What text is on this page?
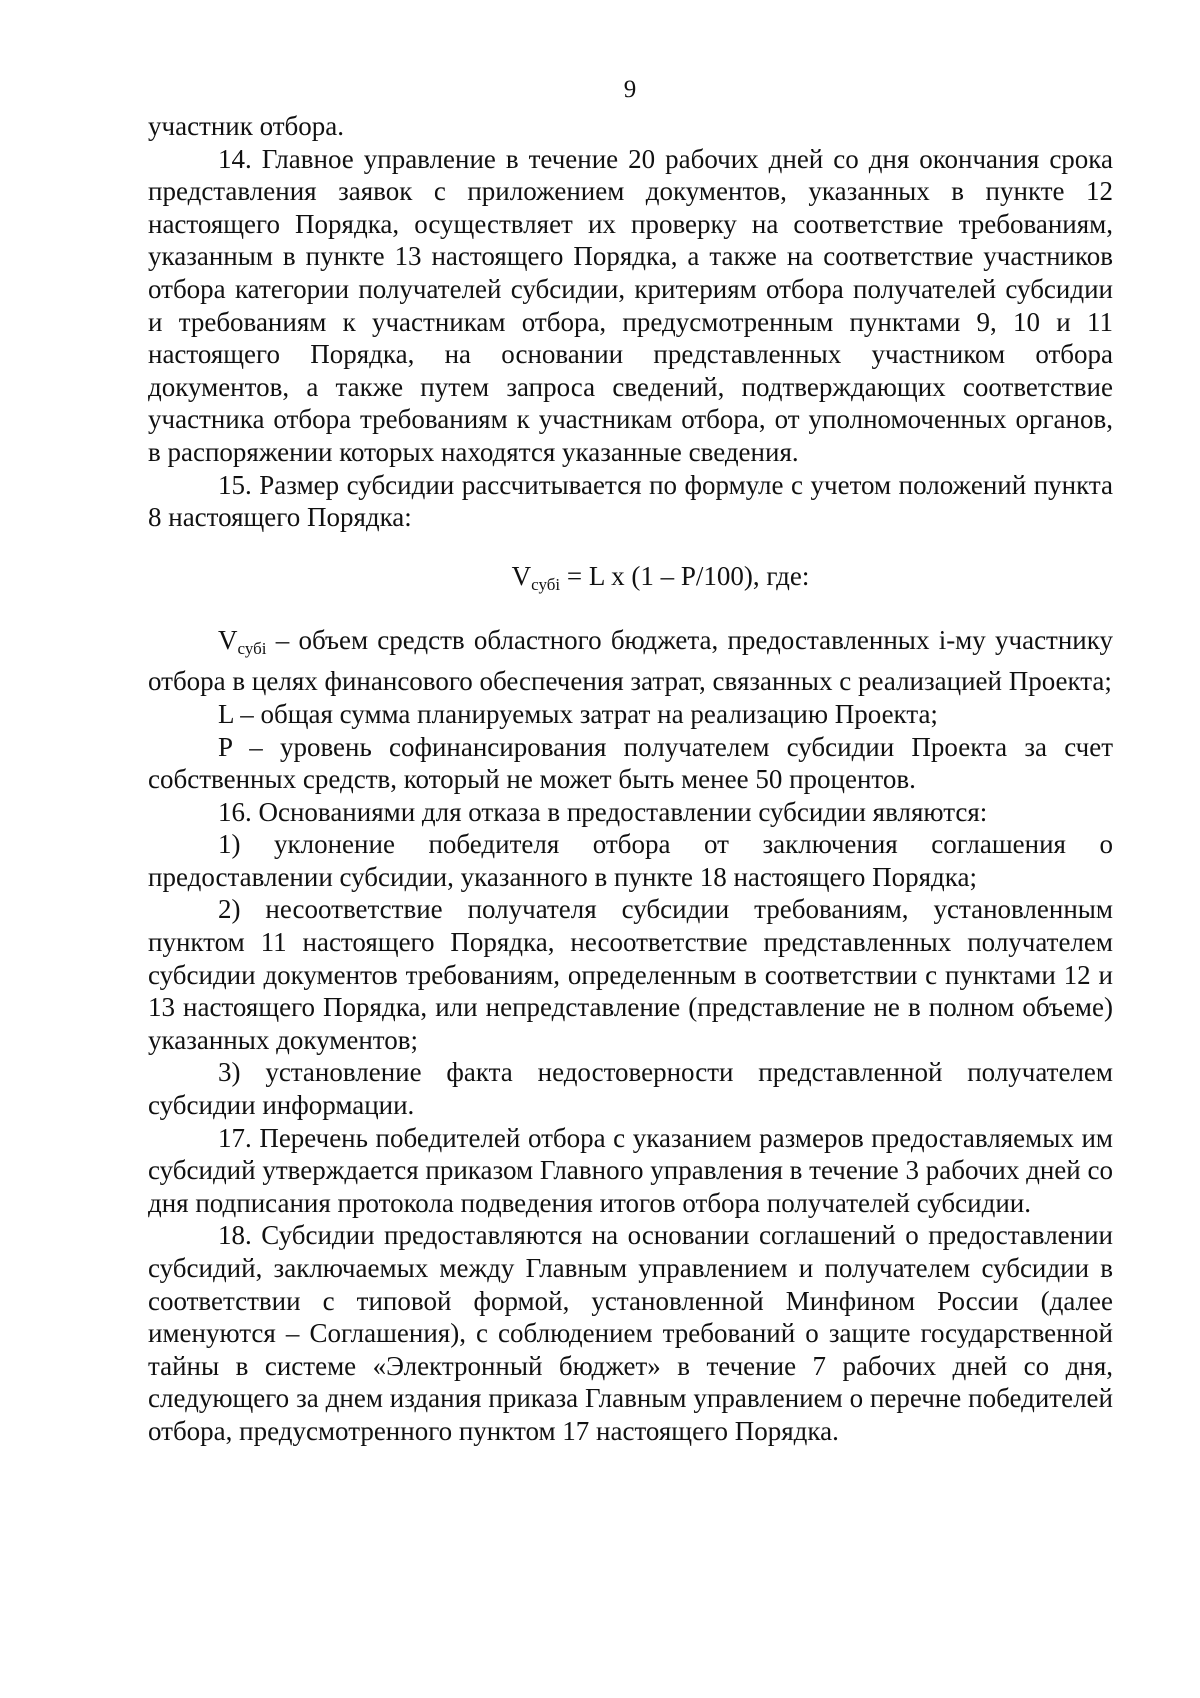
9

участник отбора.

14. Главное управление в течение 20 рабочих дней со дня окончания срока представления заявок с приложением документов, указанных в пункте 12 настоящего Порядка, осуществляет их проверку на соответствие требованиям, указанным в пункте 13 настоящего Порядка, а также на соответствие участников отбора категории получателей субсидии, критериям отбора получателей субсидии и требованиям к участникам отбора, предусмотренным пунктами 9, 10 и 11 настоящего Порядка, на основании представленных участником отбора документов, а также путем запроса сведений, подтверждающих соответствие участника отбора требованиям к участникам отбора, от уполномоченных органов, в распоряжении которых находятся указанные сведения.

15. Размер субсидии рассчитывается по формуле с учетом положений пункта 8 настоящего Порядка:

$V_{субi} = L$ х (1 – P/100), где:

$V_{субi}$ – объем средств областного бюджета, предоставленных i-му участнику отбора в целях финансового обеспечения затрат, связанных с реализацией Проекта;

L – общая сумма планируемых затрат на реализацию Проекта;

P – уровень софинансирования получателем субсидии Проекта за счет собственных средств, который не может быть менее 50 процентов.

16. Основаниями для отказа в предоставлении субсидии являются:

1) уклонение победителя отбора от заключения соглашения о предоставлении субсидии, указанного в пункте 18 настоящего Порядка;

2) несоответствие получателя субсидии требованиям, установленным пунктом 11 настоящего Порядка, несоответствие представленных получателем субсидии документов требованиям, определенным в соответствии с пунктами 12 и 13 настоящего Порядка, или непредставление (представление не в полном объеме) указанных документов;

3) установление факта недостоверности представленной получателем субсидии информации.

17. Перечень победителей отбора с указанием размеров предоставляемых им субсидий утверждается приказом Главного управления в течение 3 рабочих дней со дня подписания протокола подведения итогов отбора получателей субсидии.

18. Субсидии предоставляются на основании соглашений о предоставлении субсидий, заключаемых между Главным управлением и получателем субсидии в соответствии с типовой формой, установленной Минфином России (далее именуются – Соглашения), с соблюдением требований о защите государственной тайны в системе «Электронный бюджет» в течение 7 рабочих дней со дня, следующего за днем издания приказа Главным управлением о перечне победителей отбора, предусмотренного пунктом 17 настоящего Порядка.
